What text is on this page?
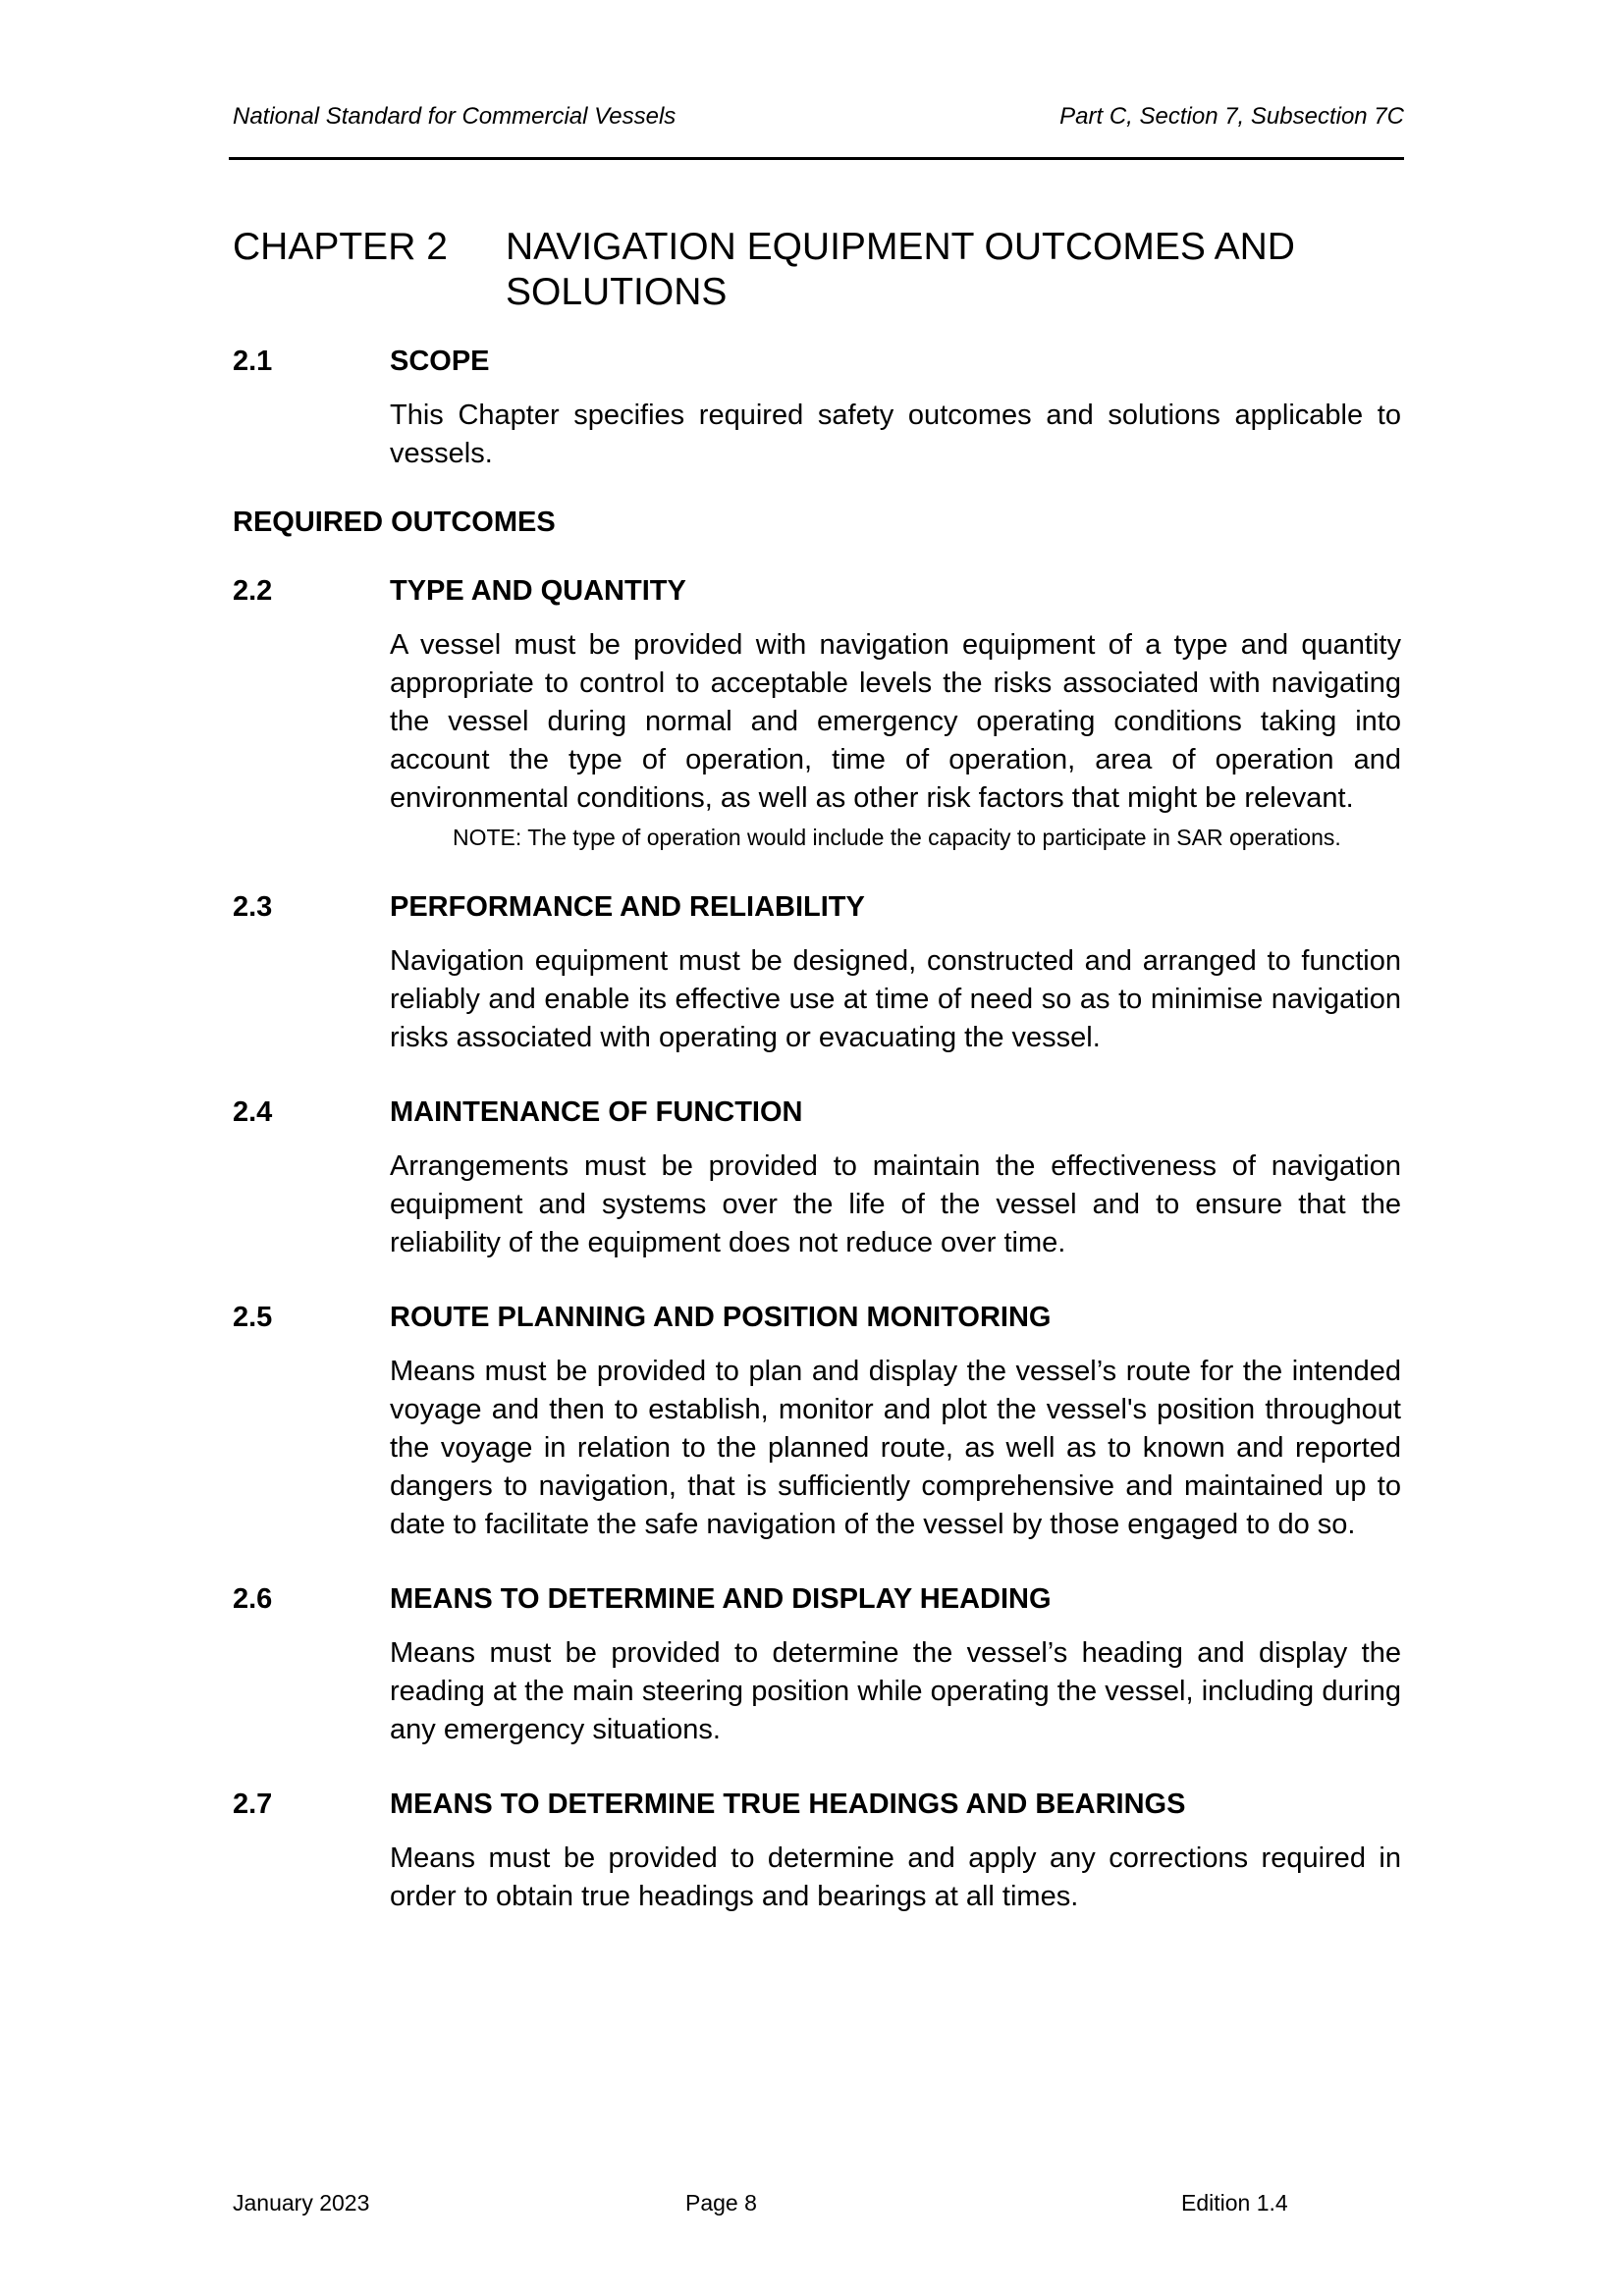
National Standard for Commercial Vessels	Part C, Section 7, Subsection 7C
CHAPTER 2 NAVIGATION EQUIPMENT OUTCOMES AND SOLUTIONS
2.1	SCOPE
This Chapter specifies required safety outcomes and solutions applicable to vessels.
REQUIRED OUTCOMES
2.2	TYPE AND QUANTITY
A vessel must be provided with navigation equipment of a type and quantity appropriate to control to acceptable levels the risks associated with navigating the vessel during normal and emergency operating conditions taking into account the type of operation, time of operation, area of operation and environmental conditions, as well as other risk factors that might be relevant.
NOTE: The type of operation would include the capacity to participate in SAR operations.
2.3	PERFORMANCE AND RELIABILITY
Navigation equipment must be designed, constructed and arranged to function reliably and enable its effective use at time of need so as to minimise navigation risks associated with operating or evacuating the vessel.
2.4	MAINTENANCE OF FUNCTION
Arrangements must be provided to maintain the effectiveness of navigation equipment and systems over the life of the vessel and to ensure that the reliability of the equipment does not reduce over time.
2.5	ROUTE PLANNING AND POSITION MONITORING
Means must be provided to plan and display the vessel’s route for the intended voyage and then to establish, monitor and plot the vessel's position throughout the voyage in relation to the planned route, as well as to known and reported dangers to navigation, that is sufficiently comprehensive and maintained up to date to facilitate the safe navigation of the vessel by those engaged to do so.
2.6	MEANS TO DETERMINE AND DISPLAY HEADING
Means must be provided to determine the vessel’s heading and display the reading at the main steering position while operating the vessel, including during any emergency situations.
2.7	MEANS TO DETERMINE TRUE HEADINGS AND BEARINGS
Means must be provided to determine and apply any corrections required in order to obtain true headings and bearings at all times.
January 2023	Page 8	Edition 1.4
